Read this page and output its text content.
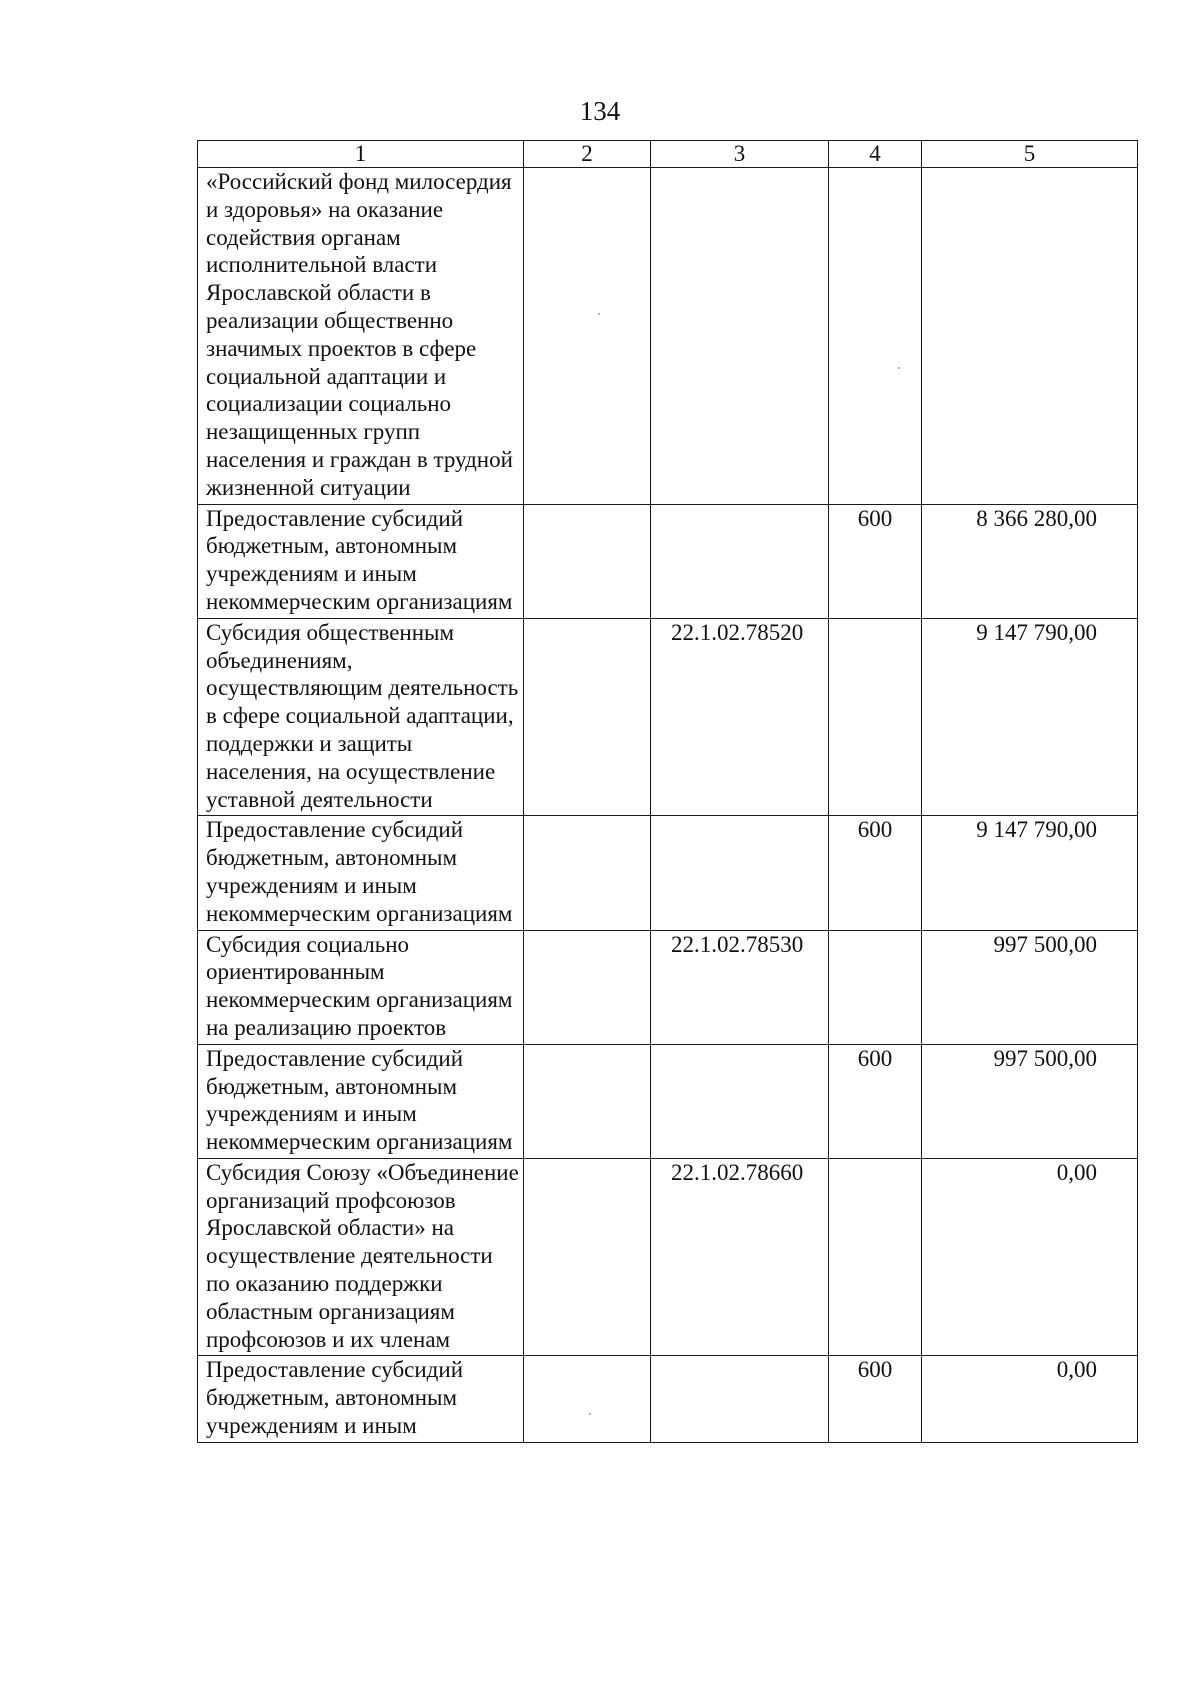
134
1	2	3	4	5
«Российский фонд милосердия и здоровья» на оказание содействия органам исполнительной власти Ярославской области в реализации общественно значимых проектов в сфере социальной адаптации и социализации социально незащищенных групп населения и граждан в трудной жизненной ситуации				
Предоставление субсидий бюджетным, автономным учреждениям и иным некоммерческим организациям			600	8 366 280,00
Субсидия общественным объединениям, осуществляющим деятельность в сфере социальной адаптации, поддержки и защиты населения, на осуществление уставной деятельности		22.1.02.78520		9 147 790,00
Предоставление субсидий бюджетным, автономным учреждениям и иным некоммерческим организациям			600	9 147 790,00
Субсидия социально ориентированным некоммерческим организациям на реализацию проектов		22.1.02.78530		997 500,00
Предоставление субсидий бюджетным, автономным учреждениям и иным некоммерческим организациям			600	997 500,00
Субсидия Союзу «Объединение организаций профсоюзов Ярославской области» на осуществление деятельности по оказанию поддержки областным организациям профсоюзов и их членам		22.1.02.78660		0,00
Предоставление субсидий бюджетным, автономным учреждениям и иным			600	0,00
